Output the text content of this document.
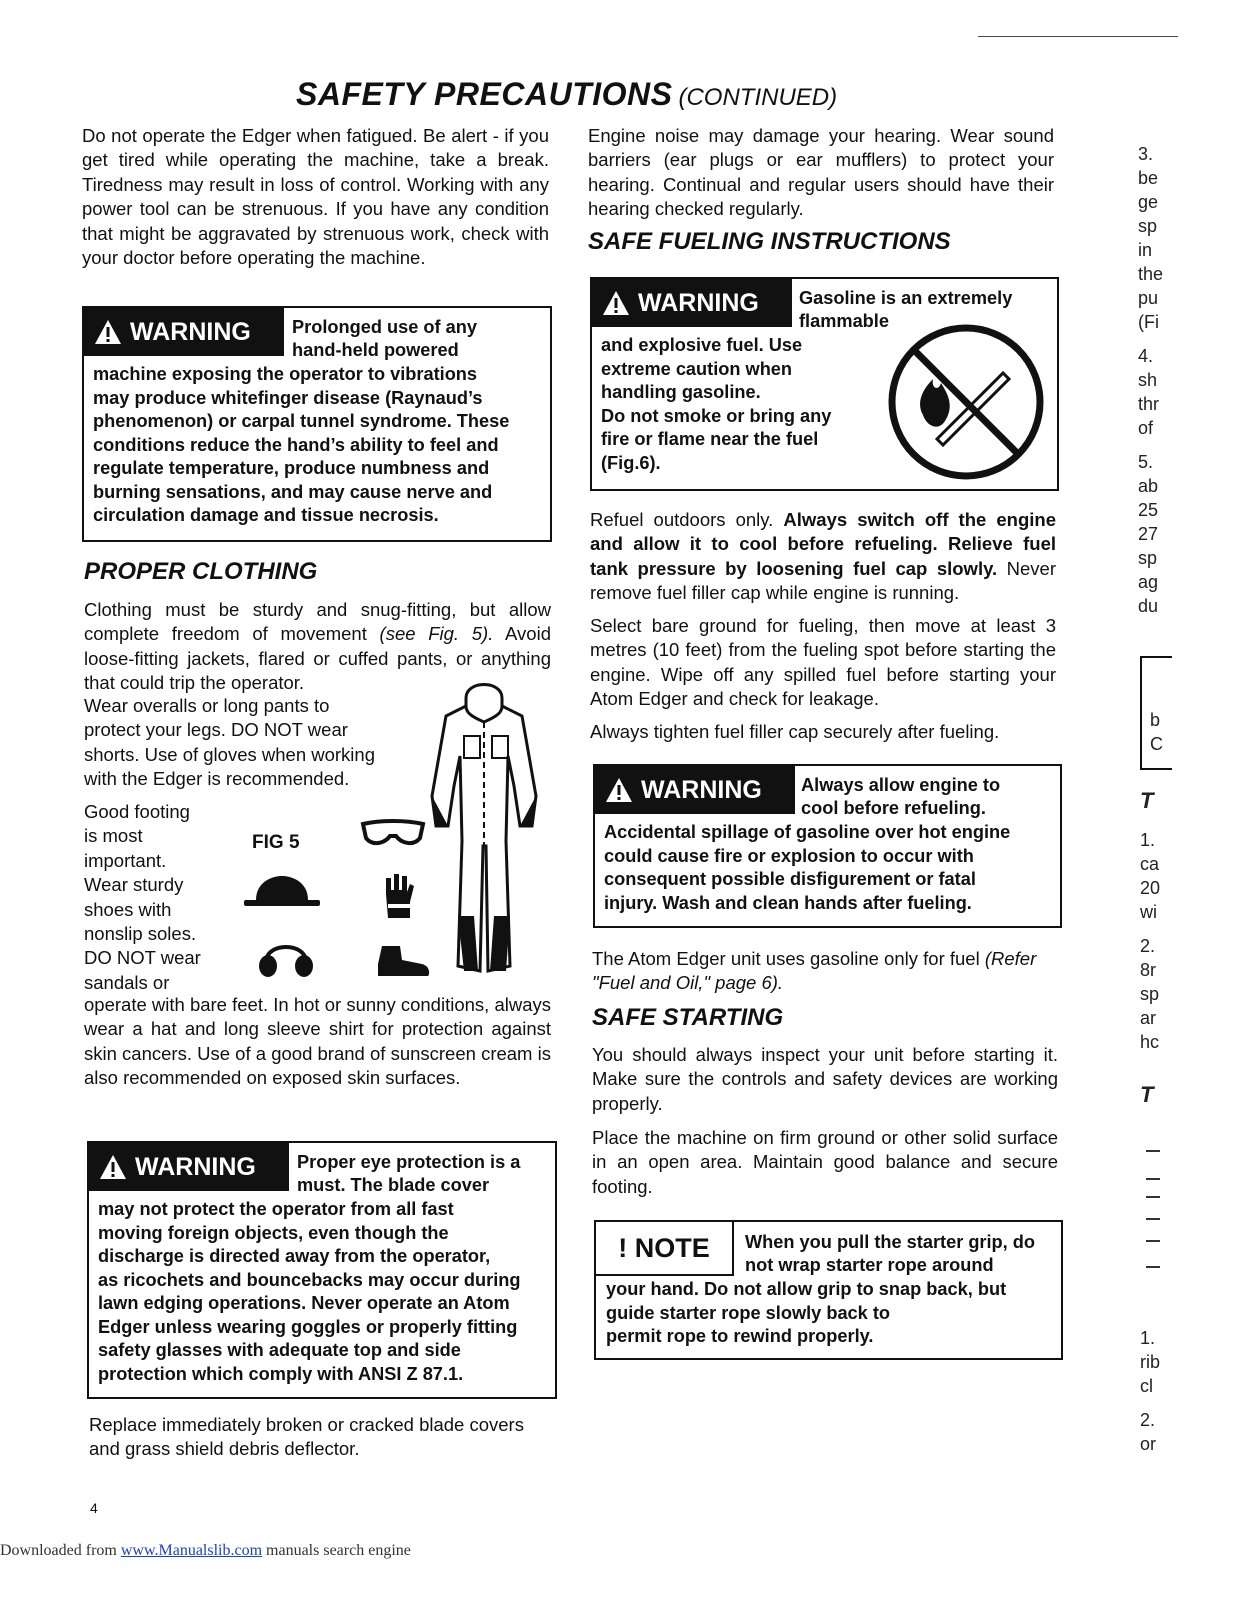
SAFETY PRECAUTIONS (CONTINUED)
Do not operate the Edger when fatigued. Be alert - if you get tired while operating the machine, take a break. Tiredness may result in loss of control. Working with any power tool can be strenuous. If you have any condition that might be aggravated by strenuous work, check with your doctor before operating the machine.
WARNING Prolonged use of any
hand-held powered
machine exposing the operator to vibrations
may produce whitefinger disease (Raynaud’s
phenomenon) or carpal tunnel syndrome. These
conditions reduce the hand’s ability to feel and
regulate temperature, produce numbness and
burning sensations, and may cause nerve and
circulation damage and tissue necrosis.
PROPER CLOTHING
Clothing must be sturdy and snug-fitting, but allow complete freedom of movement (see Fig. 5). Avoid loose-fitting jackets, flared or cuffed pants, or anything that could trip the operator.
Wear overalls or long pants to
protect your legs. DO NOT wear
shorts. Use of gloves when working
with the Edger is recommended.
Good footing
is most
important.
Wear sturdy
shoes with
nonslip soles.
DO NOT wear
sandals or
FIG 5
operate with bare feet. In hot or sunny conditions, always wear a hat and long sleeve shirt for protection against skin cancers. Use of a good brand of sunscreen cream is also recommended on exposed skin surfaces.
WARNING Proper eye protection is a
must. The blade cover
may not protect the operator from all fast
moving foreign objects, even though the
discharge is directed away from the operator,
as ricochets and bouncebacks may occur during
lawn edging operations. Never operate an Atom
Edger unless wearing goggles or properly fitting
safety glasses with adequate top and side
protection which comply with ANSI Z 87.1.
Replace immediately broken or cracked blade covers and grass shield debris deflector.
Engine noise may damage your hearing. Wear sound barriers (ear plugs or ear mufflers) to protect your hearing. Continual and regular users should have their hearing checked regularly.
SAFE FUELING INSTRUCTIONS
WARNING Gasoline is an extremely
flammable
and explosive fuel. Use
extreme caution when
handling gasoline.
Do not smoke or bring any
fire or flame near the fuel
(Fig.6).
Refuel outdoors only. Always switch off the engine and allow it to cool before refueling. Relieve fuel tank pressure by loosening fuel cap slowly. Never remove fuel filler cap while engine is running.
Select bare ground for fueling, then move at least 3 metres (10 feet) from the fueling spot before starting the engine. Wipe off any spilled fuel before starting your Atom Edger and check for leakage.
Always tighten fuel filler cap securely after fueling.
WARNING Always allow engine to
cool before refueling.
Accidental spillage of gasoline over hot engine
could cause fire or explosion to occur with
consequent possible disfigurement or fatal
injury. Wash and clean hands after fueling.
The Atom Edger unit uses gasoline only for fuel (Refer "Fuel and Oil," page 6).
SAFE STARTING
You should always inspect your unit before starting it. Make sure the controls and safety devices are working properly.
Place the machine on firm ground or other solid surface in an open area. Maintain good balance and secure footing.
! NOTE	When you pull the starter grip, do
not wrap starter rope around
your hand. Do not allow grip to snap back, but
guide starter rope slowly back to
permit rope to rewind properly.
3.
be
ge
sp
in
the
pu
(Fi
4.
sh
thr
of
5.
ab
25
27
sp
ag
du
b
C
T
1.
ca
20
wi
2.
8r
sp
ar
hc
T
1.
rib
cl
2.
or
4
Downloaded from www.Manualslib.com manuals search engine
